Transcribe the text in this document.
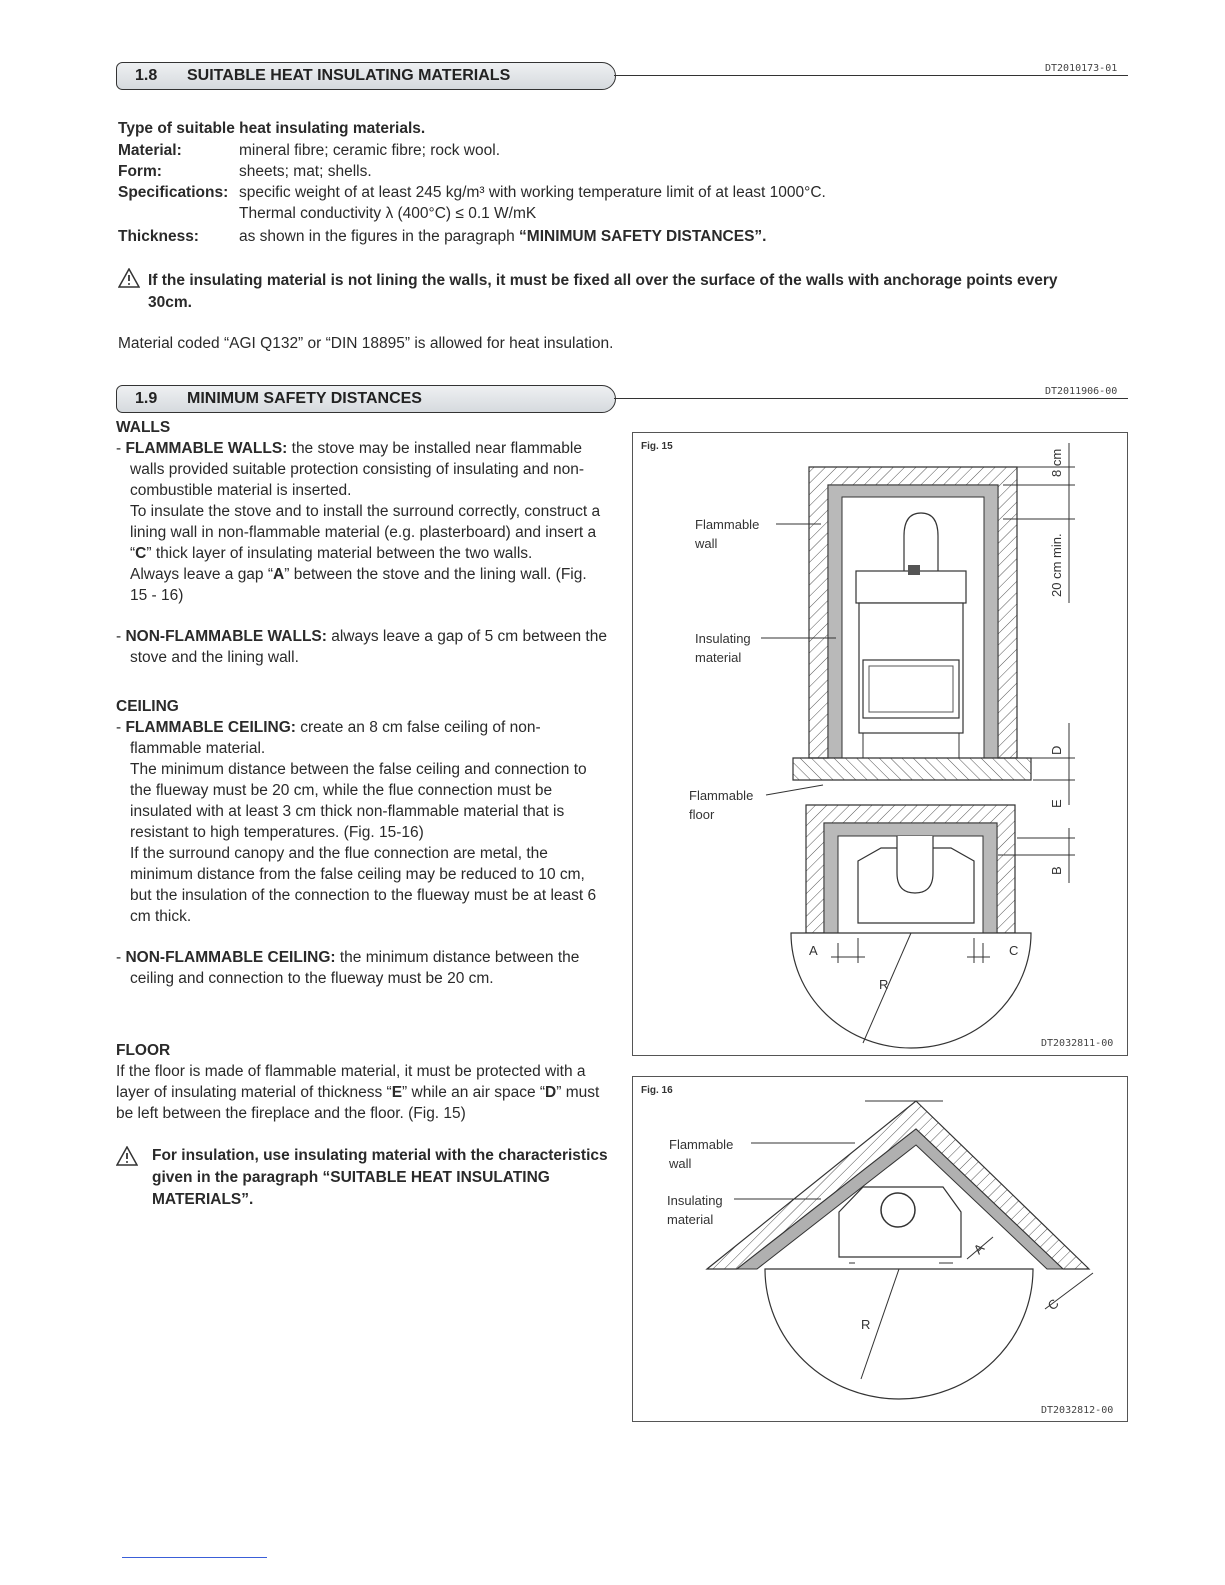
1.8 SUITABLE HEAT INSULATING MATERIALS	DT2010173-01
Type of suitable heat insulating materials.
Material:	mineral fibre; ceramic fibre; rock wool.
Form:	sheets; mat; shells.
Specifications: specific weight of at least 245 kg/m³ with working temperature limit of at least 1000°C.
Thermal conductivity λ (400°C) ≤ 0.1 W/mK
Thickness:	as shown in the figures in the paragraph “MINIMUM SAFETY DISTANCES”.
If the insulating material is not lining the walls, it must be fixed all over the surface of the walls with anchorage points every
30cm.
Material coded “AGI Q132” or “DIN 18895” is allowed for heat insulation.
1.9 MINIMUM SAFETY DISTANCES	DT2011906-00

WALLS

- FLAMMABLE WALLS: the stove may be installed near flammable walls provided suitable protection consisting of insulating and non-combustible material is inserted.

To insulate the stove and to install the surround correctly, construct a lining wall in non-flammable material (e.g. plasterboard) and insert a “C” thick layer of insulating material between the two walls.

Always leave a gap “A” between the stove and the lining wall. (Fig. 15 - 16)

- NON-FLAMMABLE WALLS: always leave a gap of 5 cm between the stove and the lining wall.

CEILING

- FLAMMABLE CEILING: create an 8 cm false ceiling of non-flammable material.

The minimum distance between the false ceiling and connection to the flueway must be 20 cm, while the flue connection must be insulated with at least 3 cm thick non-flammable material that is resistant to high temperatures. (Fig. 15-16)

If the surround canopy and the flue connection are metal, the minimum distance from the false ceiling may be reduced to 10 cm, but the insulation of the connection to the flueway must be at least 6 cm thick.

- NON-FLAMMABLE CEILING: the minimum distance between the ceiling and connection to the flueway must be 20 cm.

FLOOR

If the floor is made of flammable material, it must be protected with a layer of insulating material of thickness “E” while an air space “D” must be left between the fireplace and the floor. (Fig. 15)

For insulation, use insulating material with the characteristics given in the paragraph “SUITABLE HEAT INSULATING MATERIALS”.
Fig. 15
Flammable
wall
Insulating
material
Flammable
floor
8 cm
20 cm min.
D
E
B
A	C
R
DT2032811-00
Fig. 16
Flammable
wall
Insulating
material
A
C
R
DT2032812-00
